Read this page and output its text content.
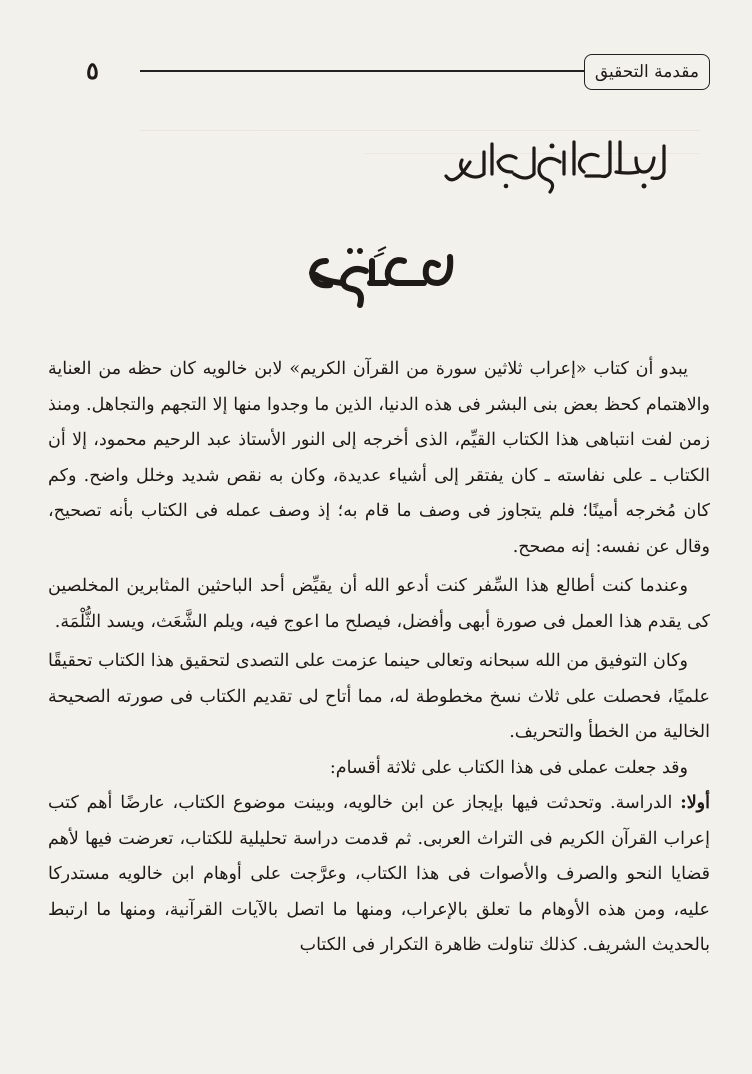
٥	مقدمة التحقيق

يبدو أن كتاب «إعراب ثلاثين سورة من القرآن الكريم» لابن خالويه كان حظه من العناية والاهتمام كحظ بعض بنى البشر فى هذه الدنيا، الذين ما وجدوا منها إلا التجهم والتجاهل. ومنذ زمن لفت انتباهى هذا الكتاب القيِّم، الذى أخرجه إلى النور الأستاذ عبد الرحيم محمود، إلا أن الكتاب ـ على نفاسته ـ كان يفتقر إلى أشياء عديدة، وكان به نقص شديد وخلل واضح. وكم كان مُخرجه أمينًا؛ فلم يتجاوز فى وصف ما قام به؛ إذ وصف عمله فى الكتاب بأنه تصحيح، وقال عن نفسه: إنه مصحح.

وعندما كنت أطالع هذا السِّفر كنت أدعو الله أن يقيِّض أحد الباحثين المثابرين المخلصين كى يقدم هذا العمل فى صورة أبهى وأفضل، فيصلح ما اعوج فيه، ويلم الشَّعَث، ويسد الثُّلْمَة.

وكان التوفيق من الله سبحانه وتعالى حينما عزمت على التصدى لتحقيق هذا الكتاب تحقيقًا علميًا، فحصلت على ثلاث نسخ مخطوطة له، مما أتاح لى تقديم الكتاب فى صورته الصحيحة الخالية من الخطأ والتحريف.

وقد جعلت عملى فى هذا الكتاب على ثلاثة أقسام:

أولا: الدراسة. وتحدثت فيها بإيجاز عن ابن خالويه، وبينت موضوع الكتاب، عارضًا أهم كتب إعراب القرآن الكريم فى التراث العربى. ثم قدمت دراسة تحليلية للكتاب، تعرضت فيها لأهم قضايا النحو والصرف والأصوات فى هذا الكتاب، وعرَّجت على أوهام ابن خالويه مستدركا عليه، ومن هذه الأوهام ما تعلق بالإعراب، ومنها ما اتصل بالآيات القرآنية، ومنها ما ارتبط بالحديث الشريف. كذلك تناولت ظاهرة التكرار فى الكتاب
